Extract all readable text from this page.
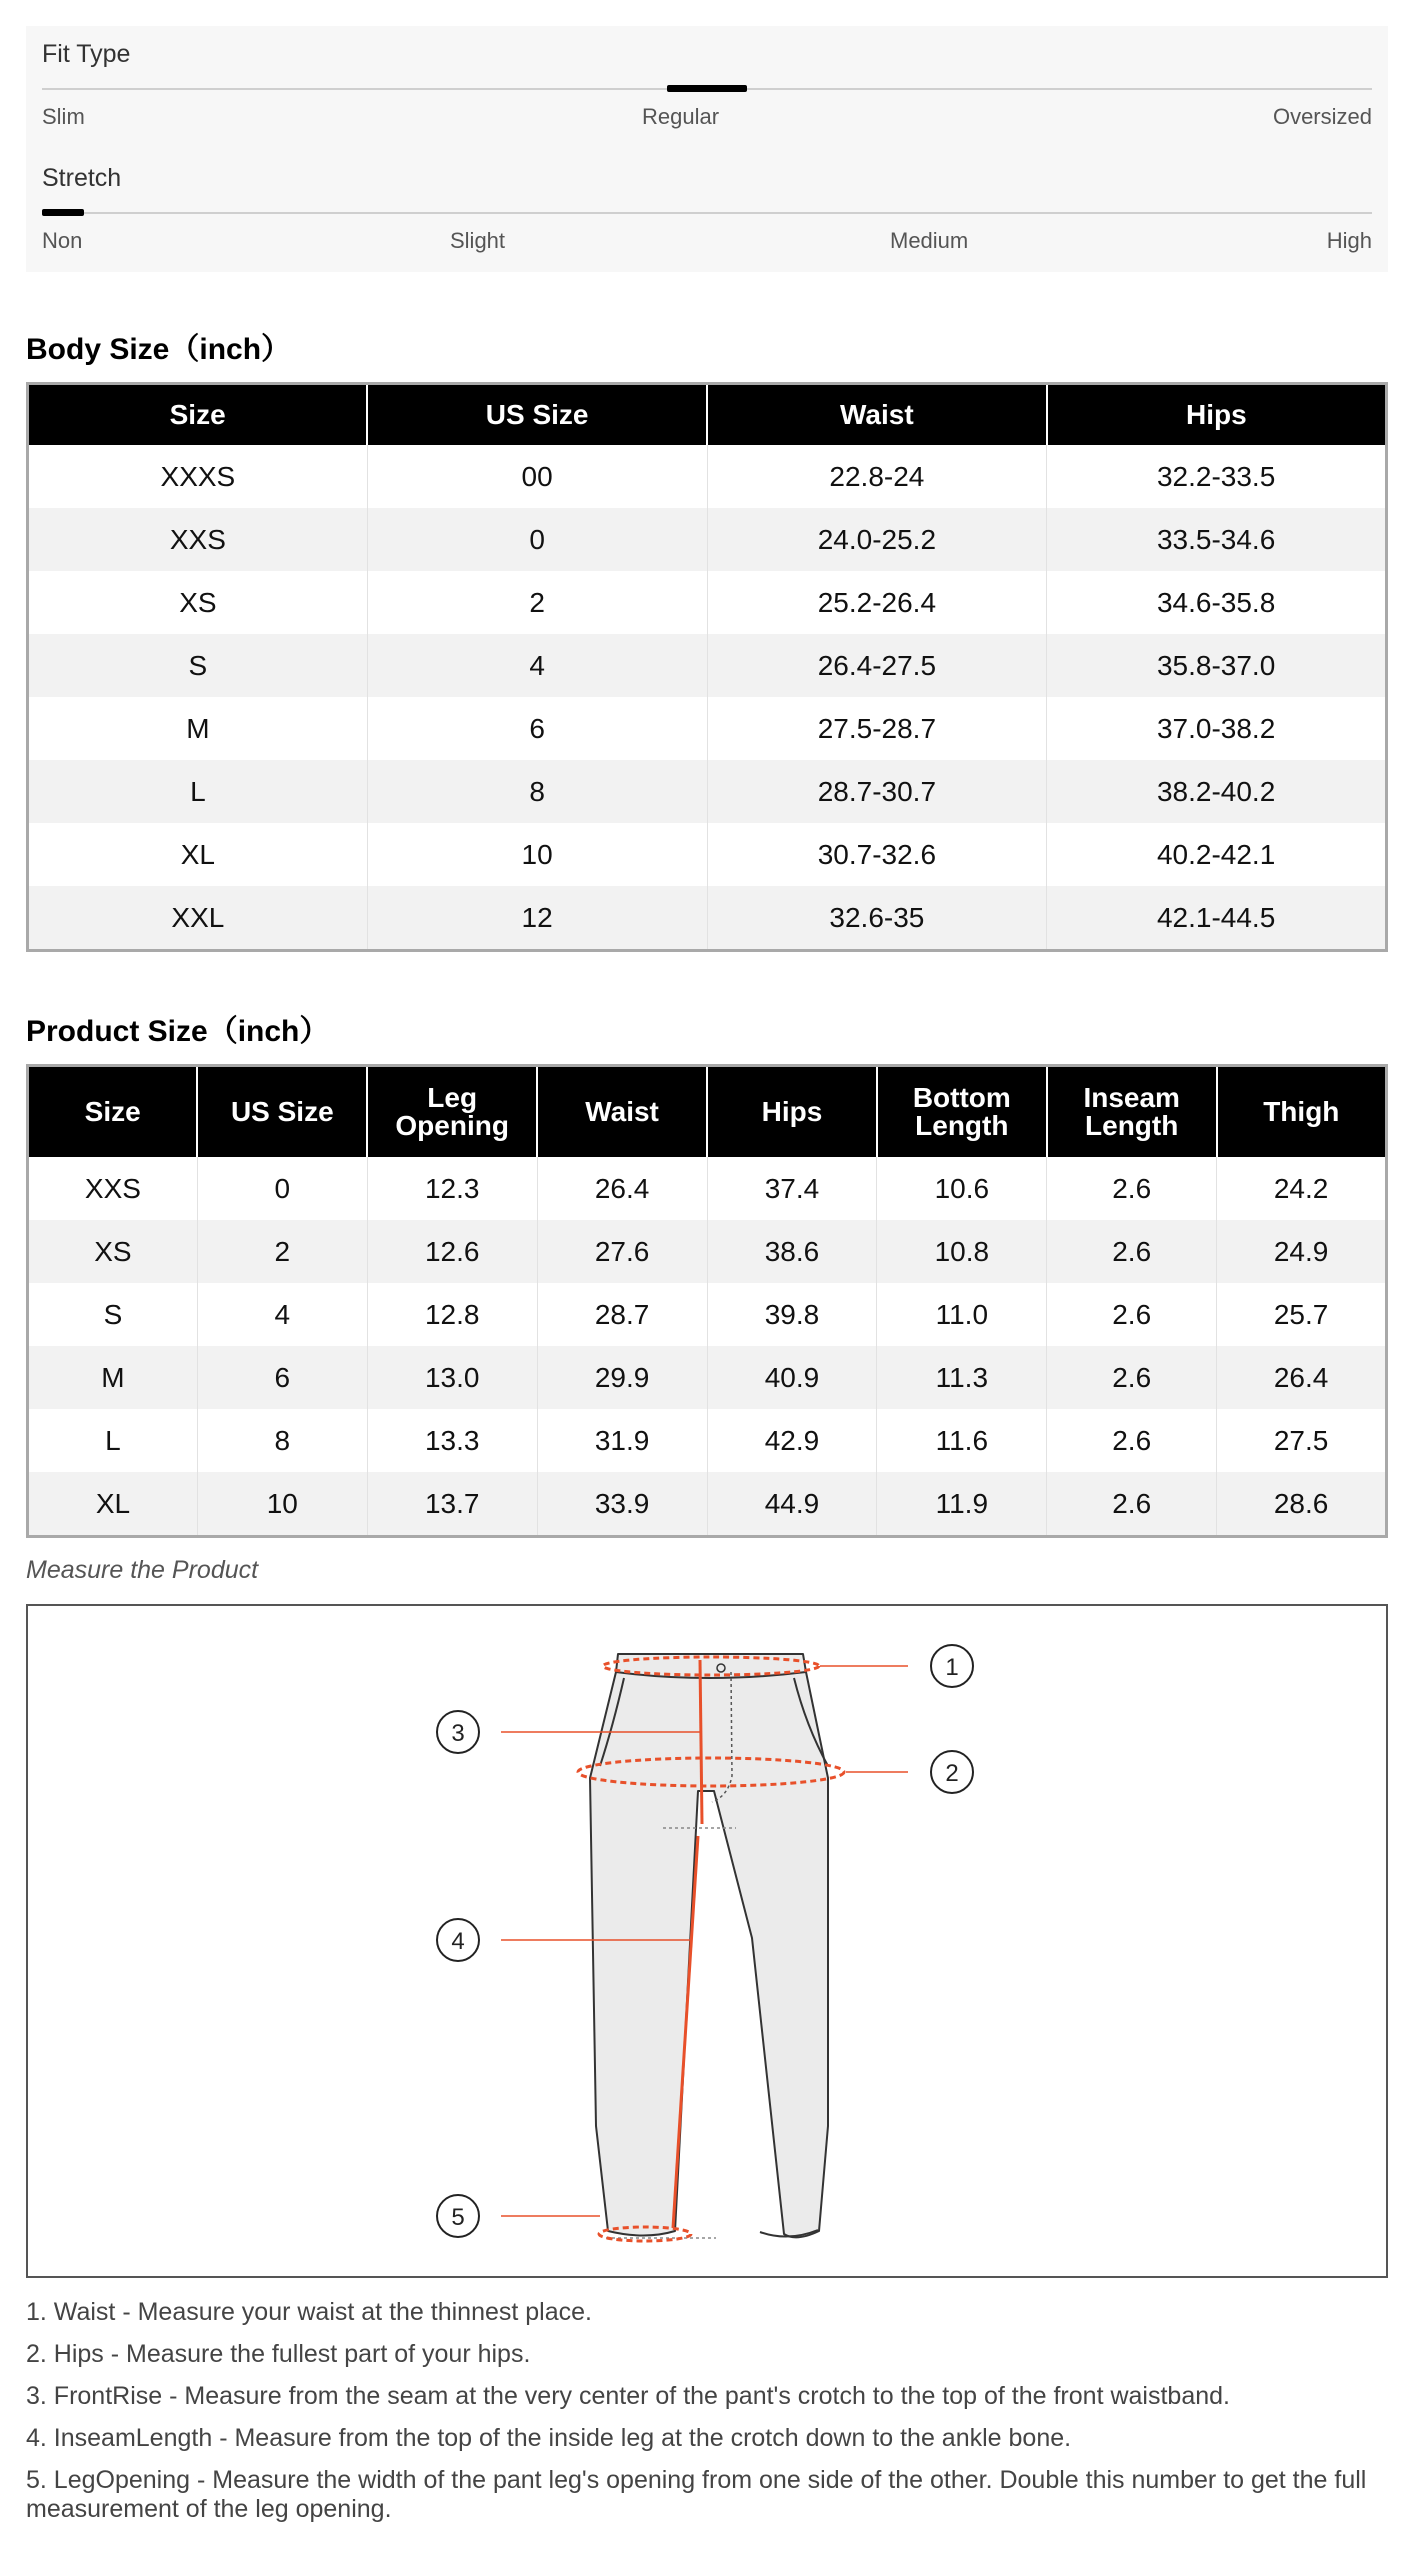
Fit Type
Slim	Regular	Oversized
Stretch
Non	Slight	Medium	High
Body Size（inch）
Size	US Size	Waist	Hips
XXXS	00	22.8-24	32.2-33.5
XXS	0	24.0-25.2	33.5-34.6
XS	2	25.2-26.4	34.6-35.8
S	4	26.4-27.5	35.8-37.0
M	6	27.5-28.7	37.0-38.2
L	8	28.7-30.7	38.2-40.2
XL	10	30.7-32.6	40.2-42.1
XXL	12	32.6-35	42.1-44.5
Product Size（inch）
Size	US Size	Leg Opening	Waist	Hips	Bottom Length	Inseam Length	Thigh
XXS	0	12.3	26.4	37.4	10.6	2.6	24.2
XS	2	12.6	27.6	38.6	10.8	2.6	24.9
S	4	12.8	28.7	39.8	11.0	2.6	25.7
M	6	13.0	29.9	40.9	11.3	2.6	26.4
L	8	13.3	31.9	42.9	11.6	2.6	27.5
XL	10	13.7	33.9	44.9	11.9	2.6	28.6
Measure the Product
1
2
3
4
5

1. Waist - Measure your waist at the thinnest place.

2. Hips - Measure the fullest part of your hips.

3. FrontRise - Measure from the seam at the very center of the pant's crotch to the top of the front waistband.

4. InseamLength - Measure from the top of the inside leg at the crotch down to the ankle bone.

5. LegOpening - Measure the width of the pant leg's opening from one side of the other. Double this number to get the full measurement of the leg opening.
